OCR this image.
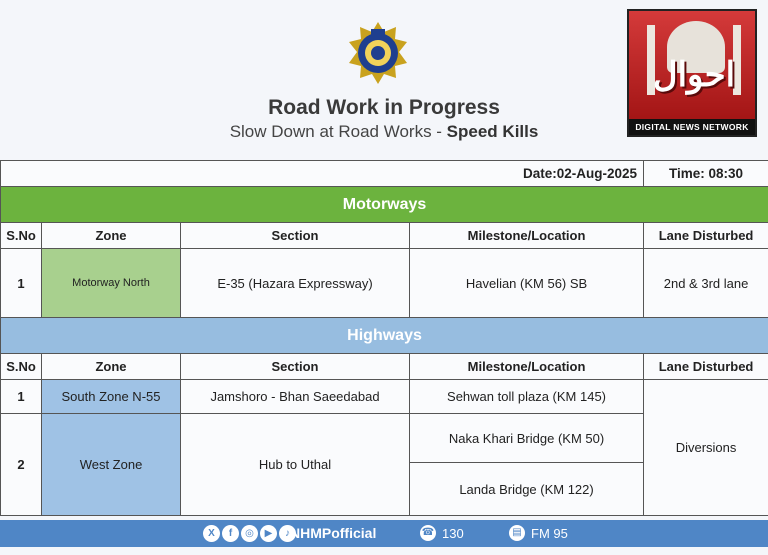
Road Work in Progress
Slow Down at Road Works - Speed Kills
احوال
DIGITAL NEWS NETWORK
Date:02-Aug-2025				Time: 08:30
Motorways				
S.No	Zone	Section	Milestone/Location	Lane Disturbed
1	Motorway North	E-35 (Hazara Expressway)	Havelian (KM 56) SB	2nd & 3rd lane
Highways				
S.No	Zone	Section	Milestone/Location	Lane Disturbed
1	South Zone N-55	Jamshoro - Bhan Saeedabad	Sehwan toll plaza (KM 145)	Diversions
2	West Zone	Hub to Uthal	Naka Khari Bridge (KM 50)	
			Landa Bridge (KM 122)	
X	f	◎	▶	♪ NHMPofficial	☎ 130	▤ FM 95
